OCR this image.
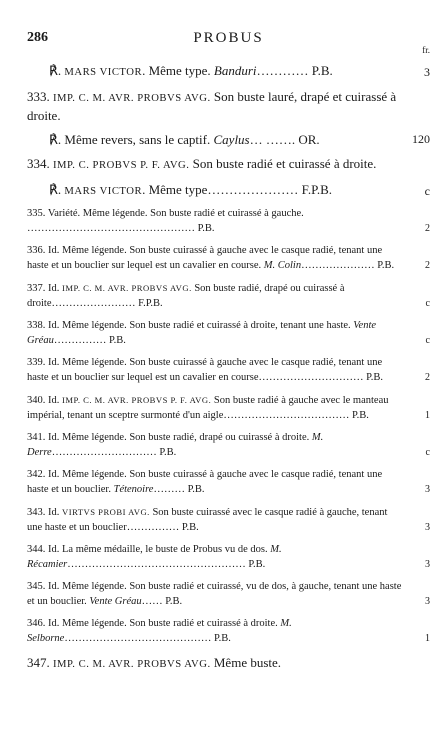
286	PROBUS
fr.
℟. MARS VICTOR. Même type. Banduri………… P.B.	3
333. IMP. C. M. AVR. PROBVS AVG. Son buste lauré, drapé et cuirassé à droite.
℟. Même revers, sans le captif. Caylus… ……. OR.	120
334. IMP. C. PROBVS P. F. AVG. Son buste radié et cuirassé à droite.
℟. MARS VICTOR. Même type………………… F.P.B.	c
335. Variété. Même légende. Son buste radié et cuirassé à gauche. ………………………………………… P.B.	2
336. Id. Même légende. Son buste cuirassé à gauche avec le casque radié, tenant une haste et un bouclier sur lequel est un cavalier en course. M. Colin………………… P.B.	2
337. Id. IMP. C. M. AVR. PROBVS AVG. Son buste radié, drapé ou cuirassé à droite…………………… F.P.B.	c
338. Id. Même légende. Son buste radié et cuirassé à droite, tenant une haste. Vente Gréau…………… P.B.	c
339. Id. Même légende. Son buste cuirassé à gauche avec le casque radié, tenant une haste et un bouclier sur lequel est un cavalier en course………………………… P.B.	2
340. Id. IMP. C. M. AVR. PROBVS P. F. AVG. Son buste radié à gauche avec le manteau impérial, tenant un sceptre surmonté d'un aigle……………………………… P.B.	1
341. Id. Même légende. Son buste radié, drapé ou cuirassé à droite. M. Derre………………………… P.B.	c
342. Id. Même légende. Son buste cuirassé à gauche avec le casque radié, tenant une haste et un bouclier. Tétenoire……… P.B.	3
343. Id. VIRTVS PROBI AVG. Son buste cuirassé avec le casque radié à gauche, tenant une haste et un bouclier…………… P.B.	3
344. Id. La même médaille, le buste de Probus vu de dos. M. Récamier…………………………………………… P.B.	3
345. Id. Même légende. Son buste radié et cuirassé, vu de dos, à gauche, tenant une haste et un bouclier. Vente Gréau…… P.B.	3
346. Id. Même légende. Son buste radié et cuirassé à droite. M. Selborne…………………………………… P.B.	1
347. IMP. C. M. AVR. PROBVS AVG. Même buste.
